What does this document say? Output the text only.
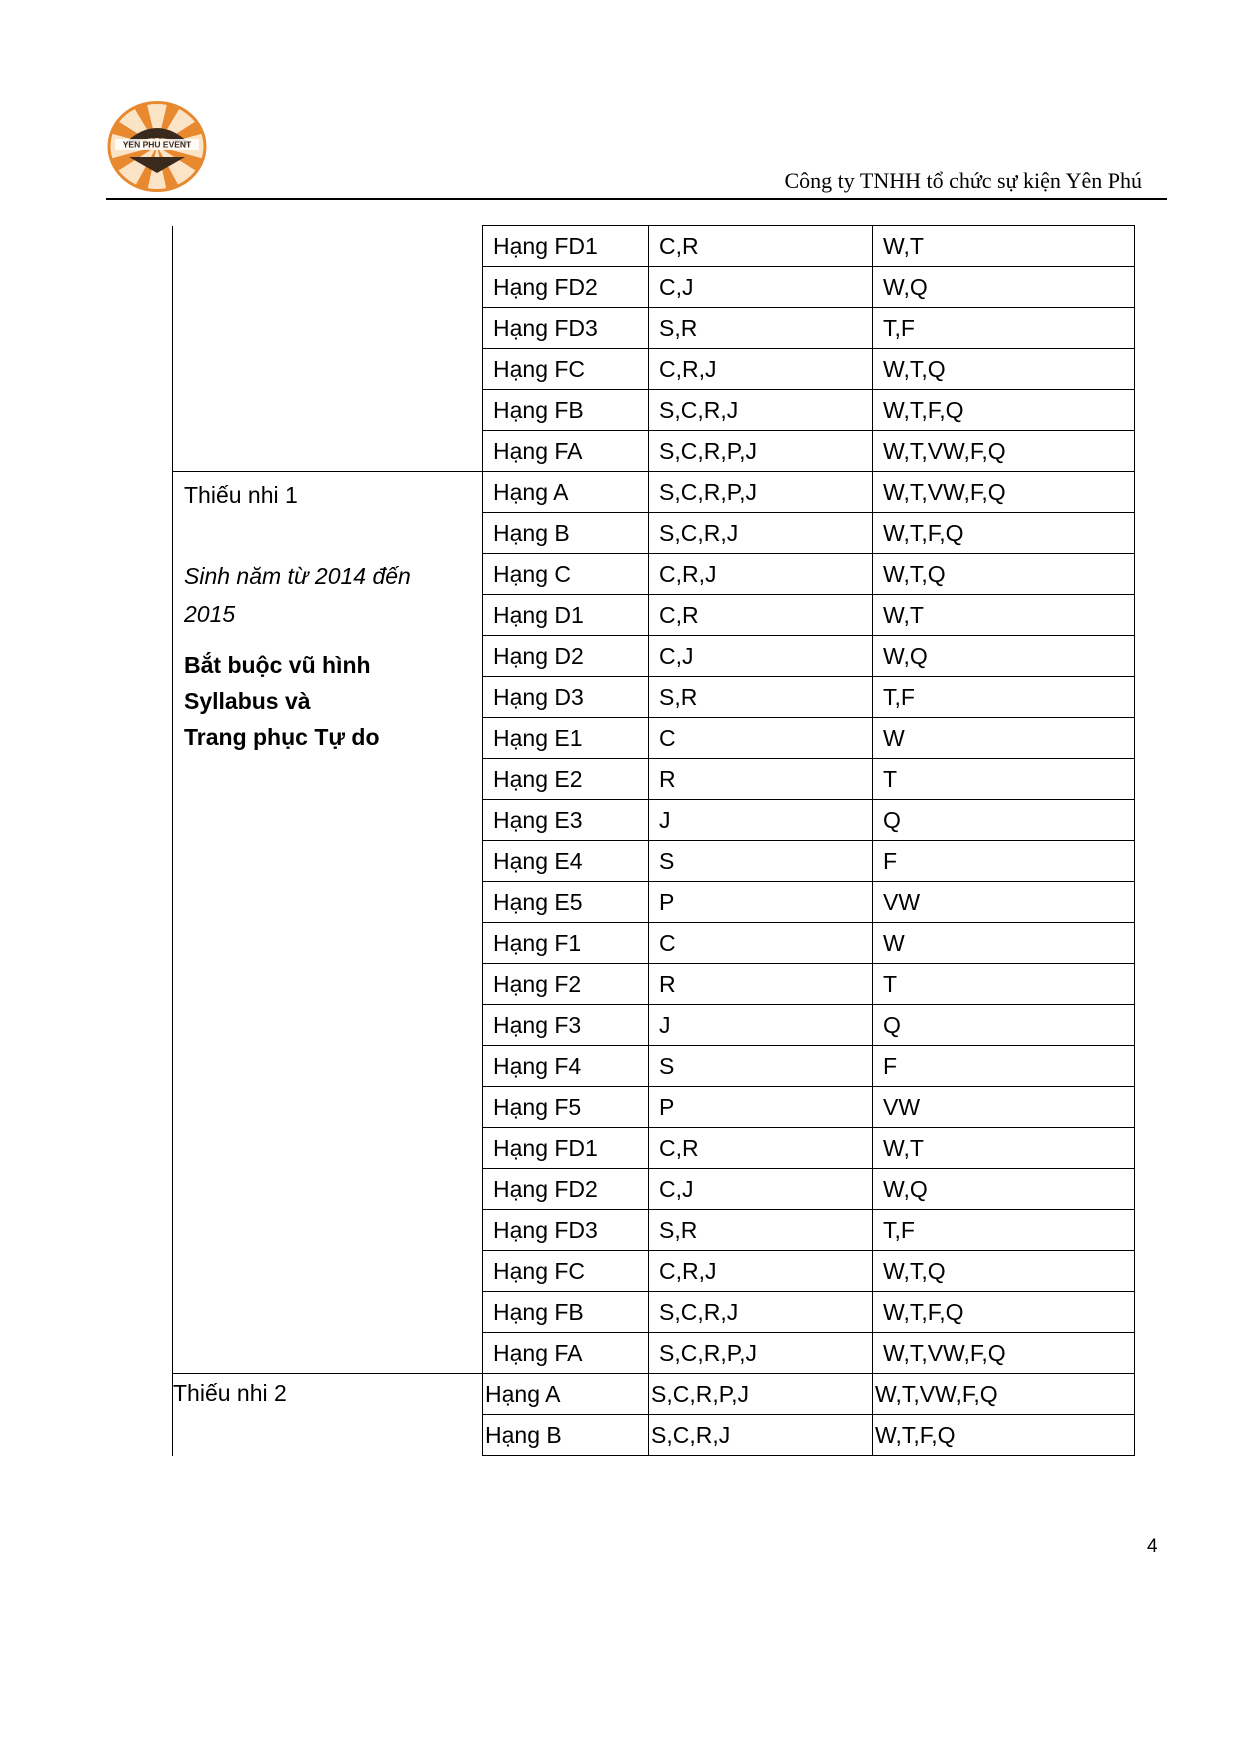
YEN PHU EVENT
Công ty TNHH tổ chức sự kiện Yên Phú
	Hạng FD1	C,R	W,T
	Hạng FD2	C,J	W,Q
	Hạng FD3	S,R	T,F
	Hạng FC	C,R,J	W,T,Q
	Hạng FB	S,C,R,J	W,T,F,Q
	Hạng FA	S,C,R,P,J	W,T,VW,F,Q

Thiếu nhi 1
Sinh năm từ 2014 đến 2015
Bắt buộc vũ hình Syllabus và
Trang phục Tự do	Hạng A	S,C,R,P,J	W,T,VW,F,Q
	Hạng B	S,C,R,J	W,T,F,Q
	Hạng C	C,R,J	W,T,Q
	Hạng D1	C,R	W,T
	Hạng D2	C,J	W,Q
	Hạng D3	S,R	T,F
	Hạng E1	C	W
	Hạng E2	R	T
	Hạng E3	J	Q
	Hạng E4	S	F
	Hạng E5	P	VW
	Hạng F1	C	W
	Hạng F2	R	T
	Hạng F3	J	Q
	Hạng F4	S	F
	Hạng F5	P	VW
	Hạng FD1	C,R	W,T
	Hạng FD2	C,J	W,Q
	Hạng FD3	S,R	T,F
	Hạng FC	C,R,J	W,T,Q
	Hạng FB	S,C,R,J	W,T,F,Q
	Hạng FA	S,C,R,P,J	W,T,VW,F,Q

Thiếu nhi 2	Hạng A	S,C,R,P,J	W,T,VW,F,Q
	Hạng B	S,C,R,J	W,T,F,Q
4
